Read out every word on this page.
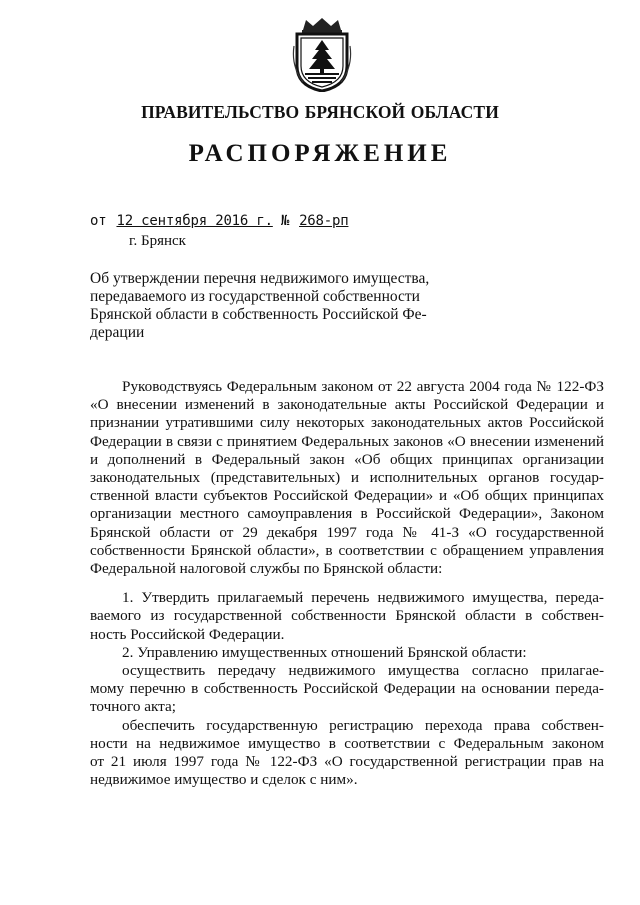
ПРАВИТЕЛЬСТВО БРЯНСКОЙ ОБЛАСТИ
РАСПОРЯЖЕНИЕ
от 12 сентября 2016 г. № 268-рп
г. Брянск
Об утверждении перечня недвижимого имущества,
передаваемого из государственной собственности
Брянской области в собственность Российской Фе-
дерации
Руководствуясь Федеральным законом от 22 августа 2004 года № 122-ФЗ
«О внесении изменений в законодательные акты Российской Федерации и
признании утратившими силу некоторых законодательных актов Российской
Федерации в связи с принятием Федеральных законов «О внесении изменений
и дополнений в Федеральный закон «Об общих принципах организации
законодательных (представительных) и исполнительных органов государ-
ственной власти субъектов Российской Федерации» и «Об общих принципах
организации местного самоуправления в Российской Федерации», Законом
Брянской области от 29 декабря 1997 года № 41-З «О государственной
собственности Брянской области», в соответствии с обращением управления
Федеральной налоговой службы по Брянской области:
1. Утвердить прилагаемый перечень недвижимого имущества, переда-
ваемого из государственной собственности Брянской области в собствен-
ность Российской Федерации.
2. Управлению имущественных отношений Брянской области:
осуществить передачу недвижимого имущества согласно прилагае-
мому перечню в собственность Российской Федерации на основании переда-
точного акта;
обеспечить государственную регистрацию перехода права собствен-
ности на недвижимое имущество в соответствии с Федеральным законом
от 21 июля 1997 года № 122-ФЗ «О государственной регистрации прав на
недвижимое имущество и сделок с ним».
